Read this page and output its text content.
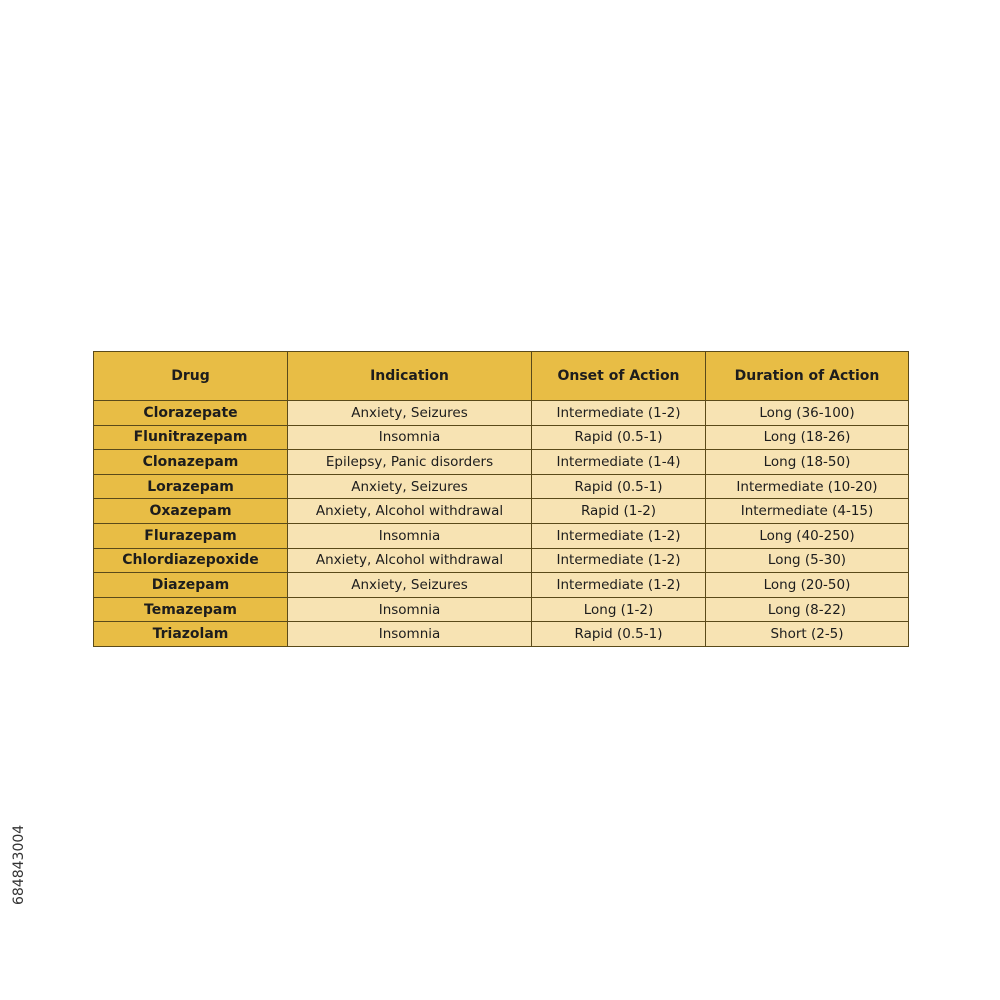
Drug	Indication	Onset of Action	Duration of Action
Clorazepate	Anxiety, Seizures	Intermediate (1-2)	Long (36-100)
Flunitrazepam	Insomnia	Rapid (0.5-1)	Long (18-26)
Clonazepam	Epilepsy, Panic disorders	Intermediate (1-4)	Long (18-50)
Lorazepam	Anxiety, Seizures	Rapid (0.5-1)	Intermediate (10-20)
Oxazepam	Anxiety, Alcohol withdrawal	Rapid (1-2)	Intermediate (4-15)
Flurazepam	Insomnia	Intermediate (1-2)	Long (40-250)
Chlordiazepoxide	Anxiety, Alcohol withdrawal	Intermediate (1-2)	Long (5-30)
Diazepam	Anxiety, Seizures	Intermediate (1-2)	Long (20-50)
Temazepam	Insomnia	Long (1-2)	Long (8-22)
Triazolam	Insomnia	Rapid (0.5-1)	Short (2-5)
684843004
